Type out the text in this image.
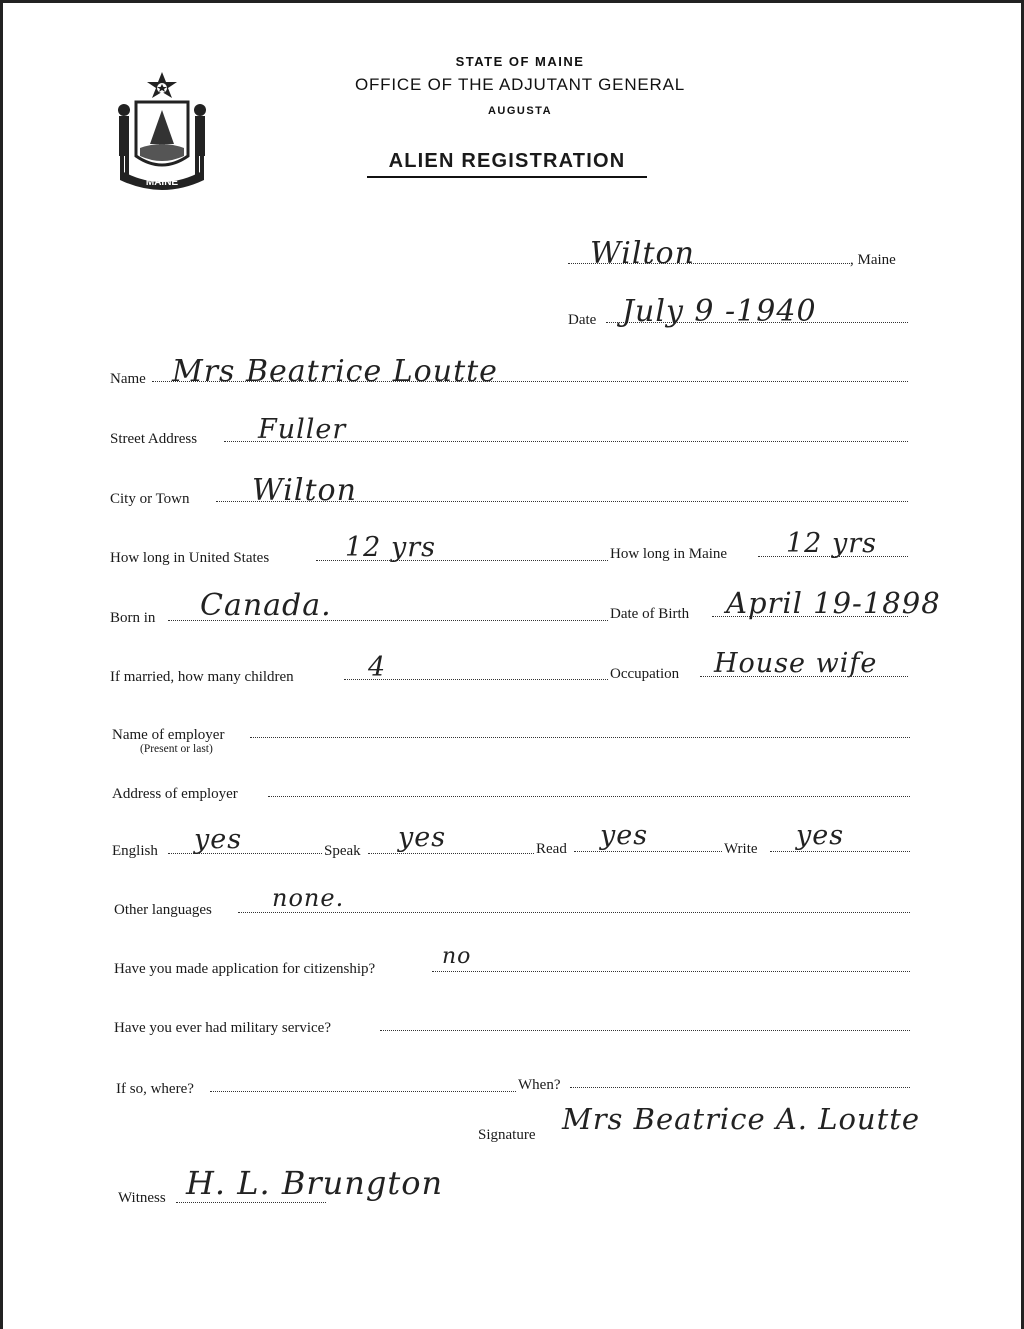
MAINE
STATE OF MAINE
OFFICE OF THE ADJUTANT GENERAL
AUGUSTA
ALIEN REGISTRATION
Wilton	, Maine
Date July 9 -1940
Name Mrs Beatrice Loutte
Street Address Fuller
City or Town Wilton
How long in United States	12 yrs	How long in Maine 12 yrs
Born in Canada.	Date of Birth April 19-1898
If married, how many children	4	Occupation House wife
Name of employer
(Present or last)
Address of employer
English yes	Speak yes	Read yes	Write yes
Other languages	none.
Have you made application for citizenship?	no
Have you ever had military service?
If so, where?	When?
Signature Mrs Beatrice A. Loutte
Witness H. L. Brungton
